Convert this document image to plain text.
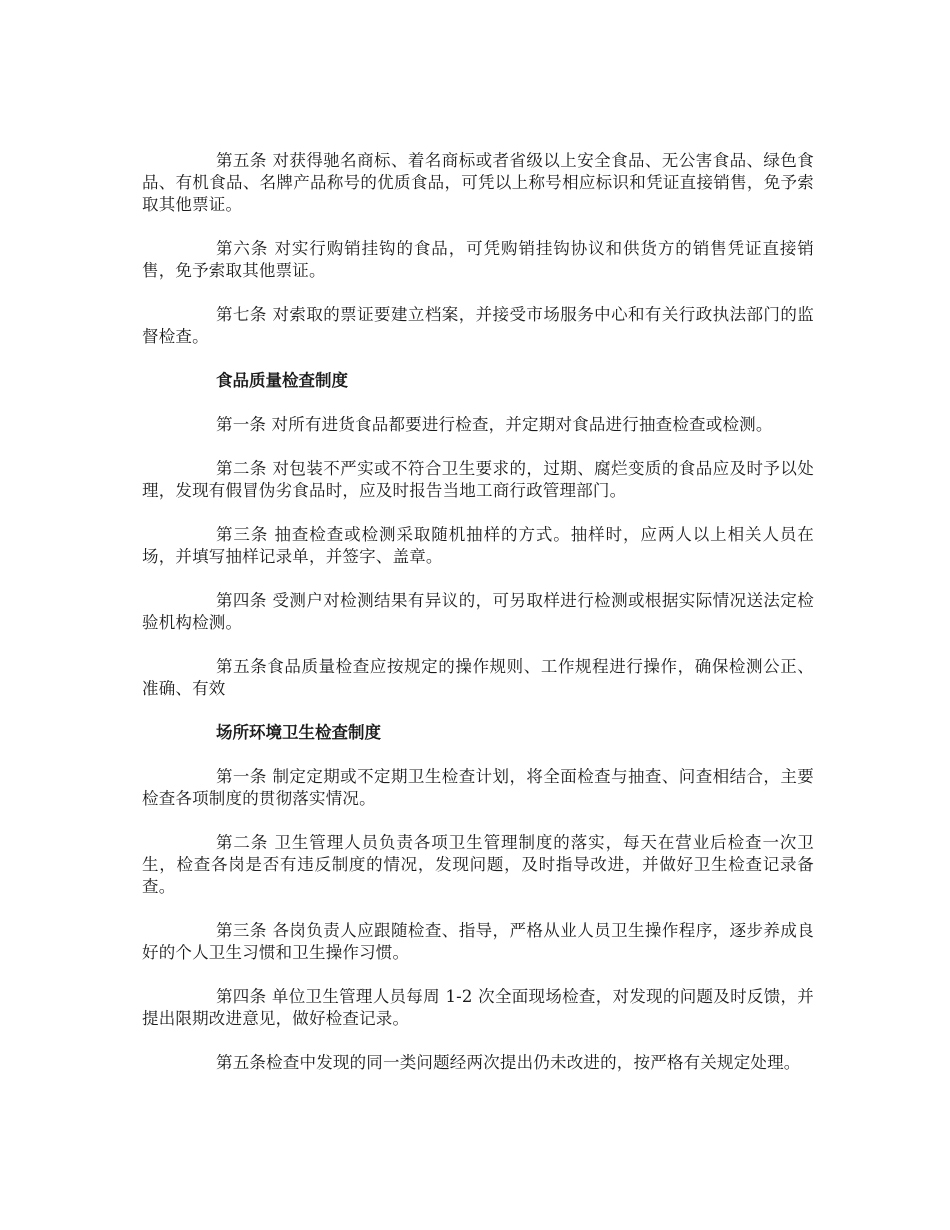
第五条 对获得驰名商标、着名商标或者省级以上安全食品、无公害食品、绿色食品、有机食品、名牌产品称号的优质食品，可凭以上称号相应标识和凭证直接销售，免予索取其他票证。

第六条 对实行购销挂钩的食品，可凭购销挂钩协议和供货方的销售凭证直接销售，免予索取其他票证。

第七条 对索取的票证要建立档案，并接受市场服务中心和有关行政执法部门的监督检查。

食品质量检查制度

第一条 对所有进货食品都要进行检查，并定期对食品进行抽查检查或检测。

第二条 对包装不严实或不符合卫生要求的，过期、腐烂变质的食品应及时予以处理，发现有假冒伪劣食品时，应及时报告当地工商行政管理部门。

第三条 抽查检查或检测采取随机抽样的方式。抽样时，应两人以上相关人员在场，并填写抽样记录单，并签字、盖章。

第四条 受测户对检测结果有异议的，可另取样进行检测或根据实际情况送法定检验机构检测。

第五条食品质量检查应按规定的操作规则、工作规程进行操作，确保检测公正、准确、有效

场所环境卫生检查制度

第一条 制定定期或不定期卫生检查计划，将全面检查与抽查、问查相结合，主要检查各项制度的贯彻落实情况。

第二条 卫生管理人员负责各项卫生管理制度的落实，每天在营业后检查一次卫生，检查各岗是否有违反制度的情况，发现问题，及时指导改进，并做好卫生检查记录备查。

第三条 各岗负责人应跟随检查、指导，严格从业人员卫生操作程序，逐步养成良好的个人卫生习惯和卫生操作习惯。

第四条 单位卫生管理人员每周 1-2 次全面现场检查，对发现的问题及时反馈，并提出限期改进意见，做好检查记录。

第五条检查中发现的同一类问题经两次提出仍未改进的，按严格有关规定处理。
